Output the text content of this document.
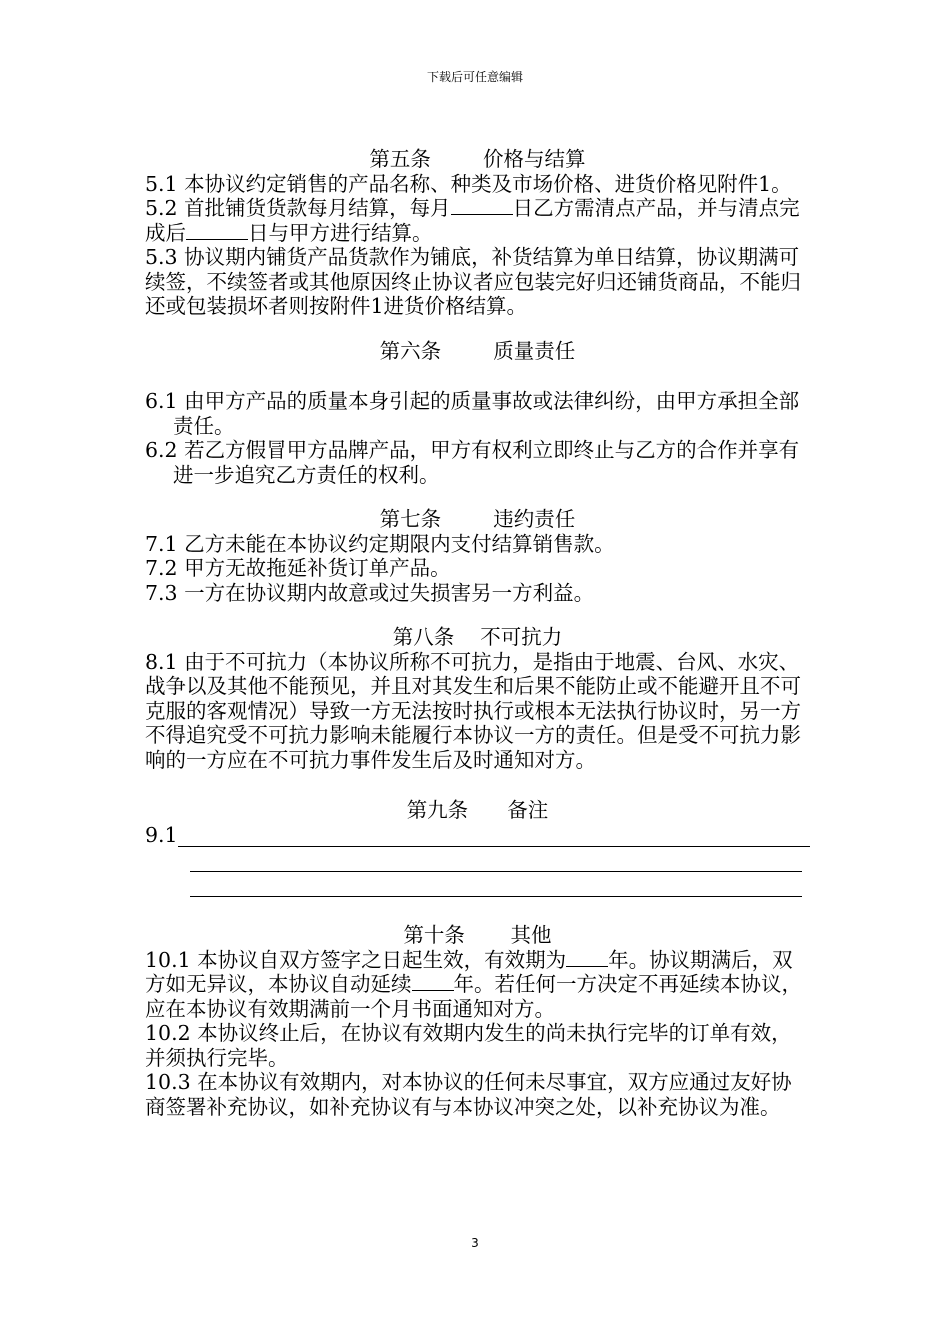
下载后可任意编辑
第五条        价格与结算
5.1 本协议约定销售的产品名称、种类及市场价格、进货价格见附件1。
5.2 首批铺货货款每月结算，每月	日乙方需清点产品，并与清点完成后	日与甲方进行结算。
5.3 协议期内铺货产品货款作为铺底，补货结算为单日结算，协议期满可续签，不续签者或其他原因终止协议者应包装完好归还铺货商品，不能归还或包装损坏者则按附件1进货价格结算。
第六条        质量责任
6.1 由甲方产品的质量本身引起的质量事故或法律纠纷，由甲方承担全部责任。
6.2 若乙方假冒甲方品牌产品，甲方有权利立即终止与乙方的合作并享有进一步追究乙方责任的权利。
第七条        违约责任
7.1 乙方未能在本协议约定期限内支付结算销售款。
7.2 甲方无故拖延补货订单产品。
7.3 一方在协议期内故意或过失损害另一方利益。
第八条    不可抗力
8.1 由于不可抗力（本协议所称不可抗力，是指由于地震、台风、水灾、战争以及其他不能预见，并且对其发生和后果不能防止或不能避开且不可克服的客观情况）导致一方无法按时执行或根本无法执行协议时，另一方不得追究受不可抗力影响未能履行本协议一方的责任。但是受不可抗力影响的一方应在不可抗力事件发生后及时通知对方。
第九条      备注
9.1
第十条       其他
10.1 本协议自双方签字之日起生效，有效期为 年。协议期满后，双方如无异议，本协议自动延续 年。若任何一方决定不再延续本协议，应在本协议有效期满前一个月书面通知对方。
10.2 本协议终止后，在协议有效期内发生的尚未执行完毕的订单有效，并须执行完毕。
10.3 在本协议有效期内，对本协议的任何未尽事宜，双方应通过友好协商签署补充协议，如补充协议有与本协议冲突之处，以补充协议为准。
3
